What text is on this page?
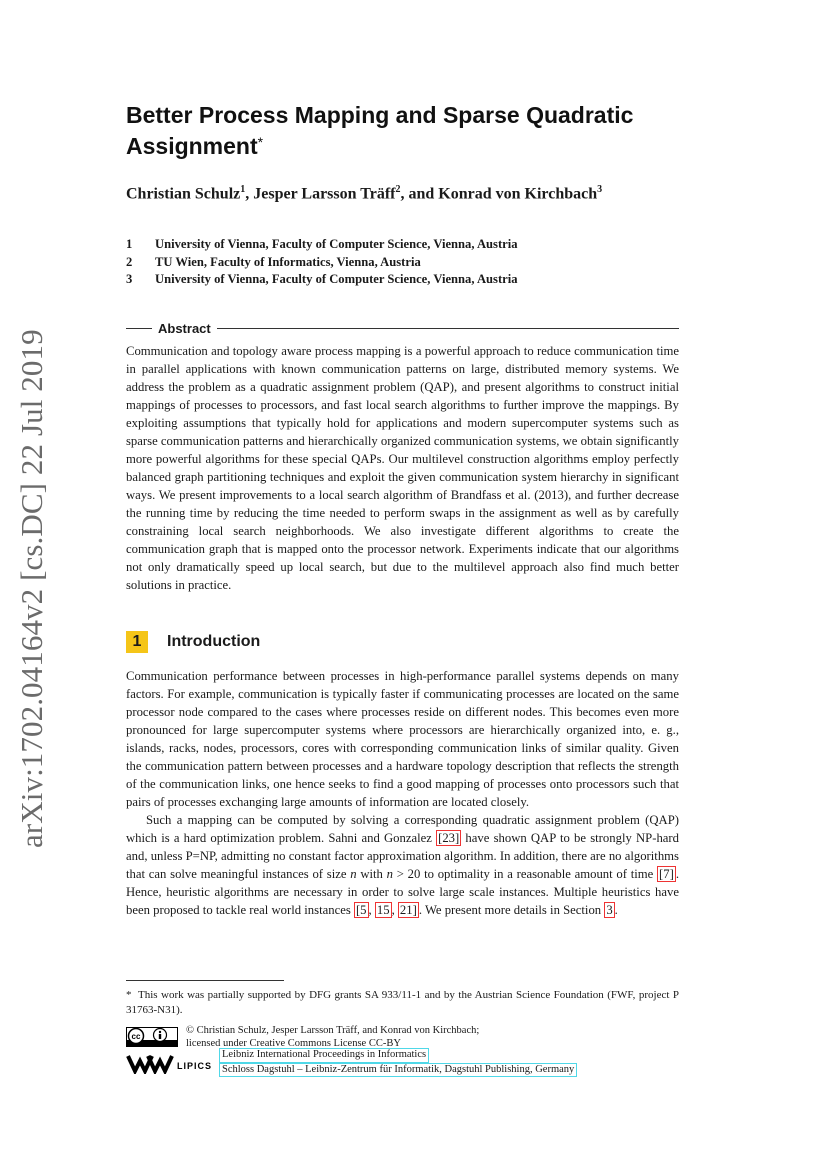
arXiv:1702.04164v2 [cs.DC] 22 Jul 2019
Better Process Mapping and Sparse Quadratic Assignment*
Christian Schulz$^1$, Jesper Larsson Träff$^2$, and Konrad von Kirchbach$^3$
1	University of Vienna, Faculty of Computer Science, Vienna, Austria
2	TU Wien, Faculty of Informatics, Vienna, Austria
3	University of Vienna, Faculty of Computer Science, Vienna, Austria
Abstract
Communication and topology aware process mapping is a powerful approach to reduce communication time in parallel applications with known communication patterns on large, distributed memory systems. We address the problem as a quadratic assignment problem (QAP), and present algorithms to construct initial mappings of processes to processors, and fast local search algorithms to further improve the mappings. By exploiting assumptions that typically hold for applications and modern supercomputer systems such as sparse communication patterns and hierarchically organized communication systems, we obtain significantly more powerful algorithms for these special QAPs. Our multilevel construction algorithms employ perfectly balanced graph partitioning techniques and exploit the given communication system hierarchy in significant ways. We present improvements to a local search algorithm of Brandfass et al. (2013), and further decrease the running time by reducing the time needed to perform swaps in the assignment as well as by carefully constraining local search neighborhoods. We also investigate different algorithms to create the communication graph that is mapped onto the processor network. Experiments indicate that our algorithms not only dramatically speed up local search, but due to the multilevel approach also find much better solutions in practice.
1	Introduction

Communication performance between processes in high-performance parallel systems depends on many factors. For example, communication is typically faster if communicating processes are located on the same processor node compared to the cases where processes reside on different nodes. This becomes even more pronounced for large supercomputer systems where processors are hierarchically organized into, e. g., islands, racks, nodes, processors, cores with corresponding communication links of similar quality. Given the communication pattern between processes and a hardware topology description that reflects the strength of the communication links, one hence seeks to find a good mapping of processes onto processors such that pairs of processes exchanging large amounts of information are located closely.

Such a mapping can be computed by solving a corresponding quadratic assignment problem (QAP) which is a hard optimization problem. Sahni and Gonzalez [23] have shown QAP to be strongly NP-hard and, unless P=NP, admitting no constant factor approximation algorithm. In addition, there are no algorithms that can solve meaningful instances of size n with n > 20 to optimality in a reasonable amount of time [7] . Hence, heuristic algorithms are necessary in order to solve large scale instances. Multiple heuristics have been proposed to tackle real world instances [5 , 15 , 21] . We present more details in Section 3 .

* This work was partially supported by DFG grants SA 933/11-1 and by the Austrian Science Foundation (FWF, project P 31763-N31).
cc
© Christian Schulz, Jesper Larsson Träff, and Konrad von Kirchbach;
licensed under Creative Commons License CC-BY
LIPICS
Leibniz International Proceedings in Informatics
Schloss Dagstuhl – Leibniz-Zentrum für Informatik, Dagstuhl Publishing, Germany
